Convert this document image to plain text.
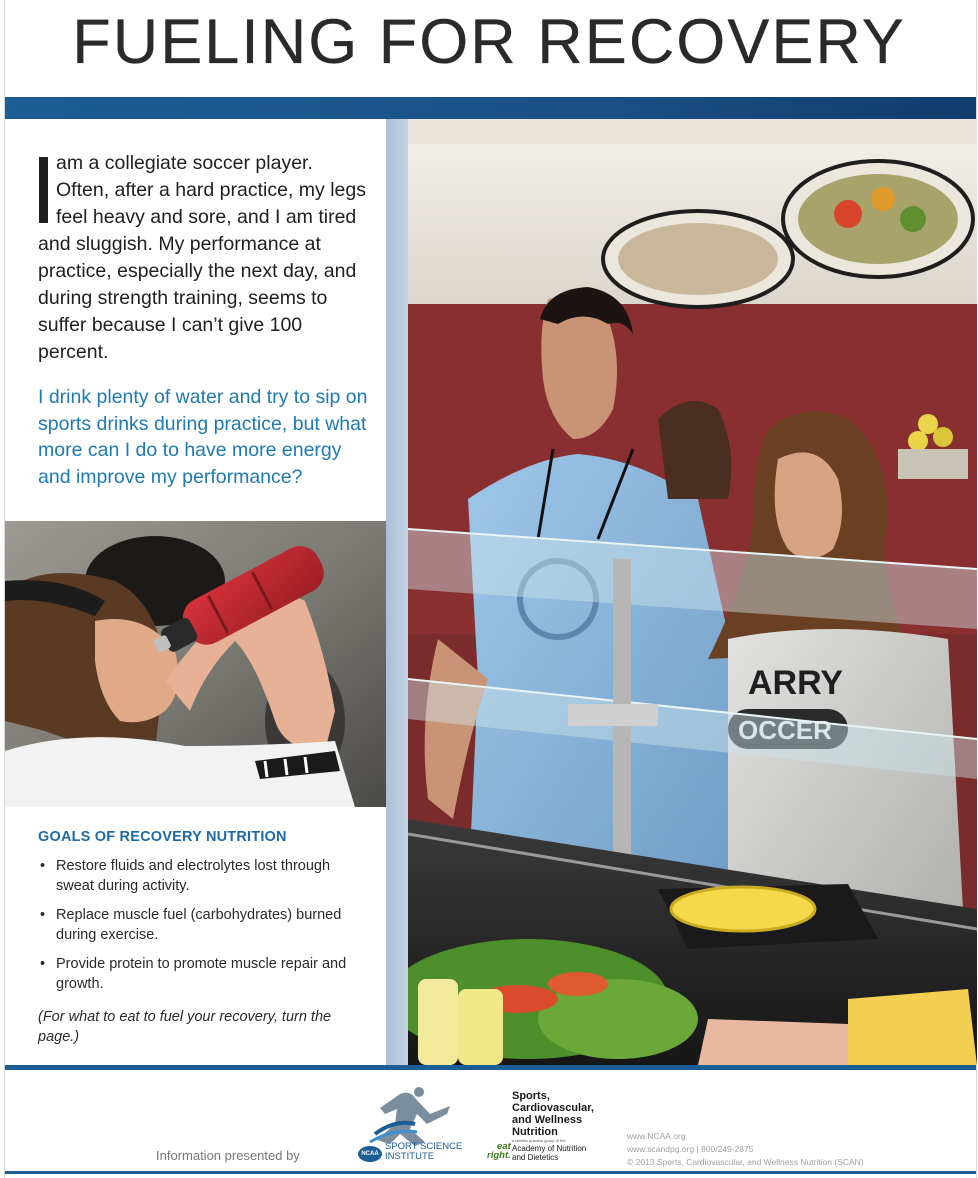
FUELING FOR RECOVERY

am a collegiate soccer player. Often, after a hard practice, my legs feel heavy and sore, and I am tired and sluggish. My performance at practice, especially the next day, and during strength training, seems to suffer because I can’t give 100 percent.

I drink plenty of water and try to sip on sports drinks during practice, but what more can I do to have more energy and improve my performance?

ARRY
OCCER
GOALS OF RECOVERY NUTRITION
• Restore fluids and electrolytes lost through sweat during activity.
• Replace muscle fuel (carbohydrates) burned during exercise.
• Provide protein to promote muscle repair and growth.

(For what to eat to fuel your recovery, turn the page.)

Information presented by	NCAA
SPORT SCIENCE
INSTITUTE
Sports,
Cardiovascular,
and Wellness
Nutrition
a dietetic practice group of the
eat
right.
Academy of Nutrition
and Dietetics
www.NCAA.org
www.scandpg.org | 800/249-2875
© 2013 Sports, Cardiovascular, and Wellness Nutrition (SCAN)
